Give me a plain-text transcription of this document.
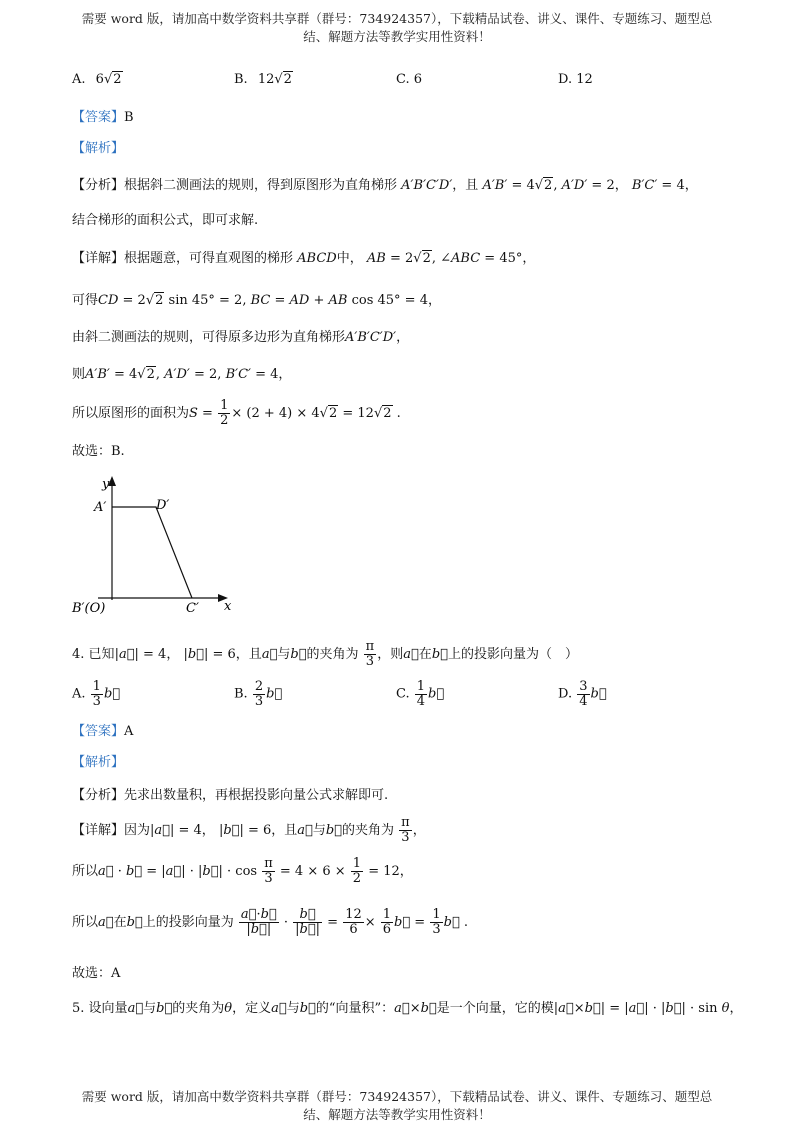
需要 word 版，请加高中数学资料共享群（群号：734924357），下载精品试卷、讲义、课件、专题练习、题型总
结、解题方法等教学实用性资料！
A. 6√2	B. 12√2	C. 6	D. 12
【答案】B
【解析】
【分析】根据斜二测画法的规则，得到原图形为直角梯形 A′B′C′D′，且 A′B′ = 4√2, A′D′ = 2， B′C′ = 4，
结合梯形的面积公式，即可求解.
【详解】根据题意，可得直观图的梯形 ABCD中， AB = 2√2, ∠ABC = 45°，
可得CD = 2√2 sin 45° = 2, BC = AD + AB cos 45° = 4，
由斜二测画法的规则，可得原多边形为直角梯形A′B′C′D′，
则A′B′ = 4√2, A′D′ = 2, B′C′ = 4，
所以原图形的面积为$S = \frac{1}{2} \times (2 + 4) \times 4√2 = 12√2$ .
故选：B.
y
A′	D′
B′(O)	C′ x
4. 已知|a⃗| = 4， |b⃗| = 6，且a⃗与b⃗的夹角为 $\frac{\pi}{3}$ ，则a⃗在b⃗上的投影向量为（　）
A. $\frac{1}{3}$ b⃗	B. $\frac{2}{3}$ b⃗	C. $\frac{1}{4}$ b⃗	D. $\frac{3}{4}$ b⃗
【答案】A
【解析】
【分析】先求出数量积，再根据投影向量公式求解即可.
【详解】因为|a⃗| = 4， |b⃗| = 6，且a⃗与b⃗的夹角为 $\frac{\pi}{3}$ ，
所以a⃗ · b⃗ = |a⃗| · |b⃗| · $\cos \frac{\pi}{3} = 4 \times 6 \times \frac{1}{2} = 12$，
所以a⃗在b⃗上的投影向量为 $\frac{a⃗\cdot b⃗}{|b⃗|} \cdot \frac{b⃗}{|b⃗|} = \frac{12}{6} \times \frac{1}{6}$ b⃗ = $\frac{1}{3}$ b⃗ .
故选：A
5. 设向量a⃗与b⃗的夹角为θ，定义a⃗与b⃗的“向量积”：a⃗×b⃗是一个向量，它的模|a⃗×b⃗| = |a⃗| · |b⃗| · sin θ，
需要 word 版，请加高中数学资料共享群（群号：734924357），下载精品试卷、讲义、课件、专题练习、题型总
结、解题方法等教学实用性资料！
